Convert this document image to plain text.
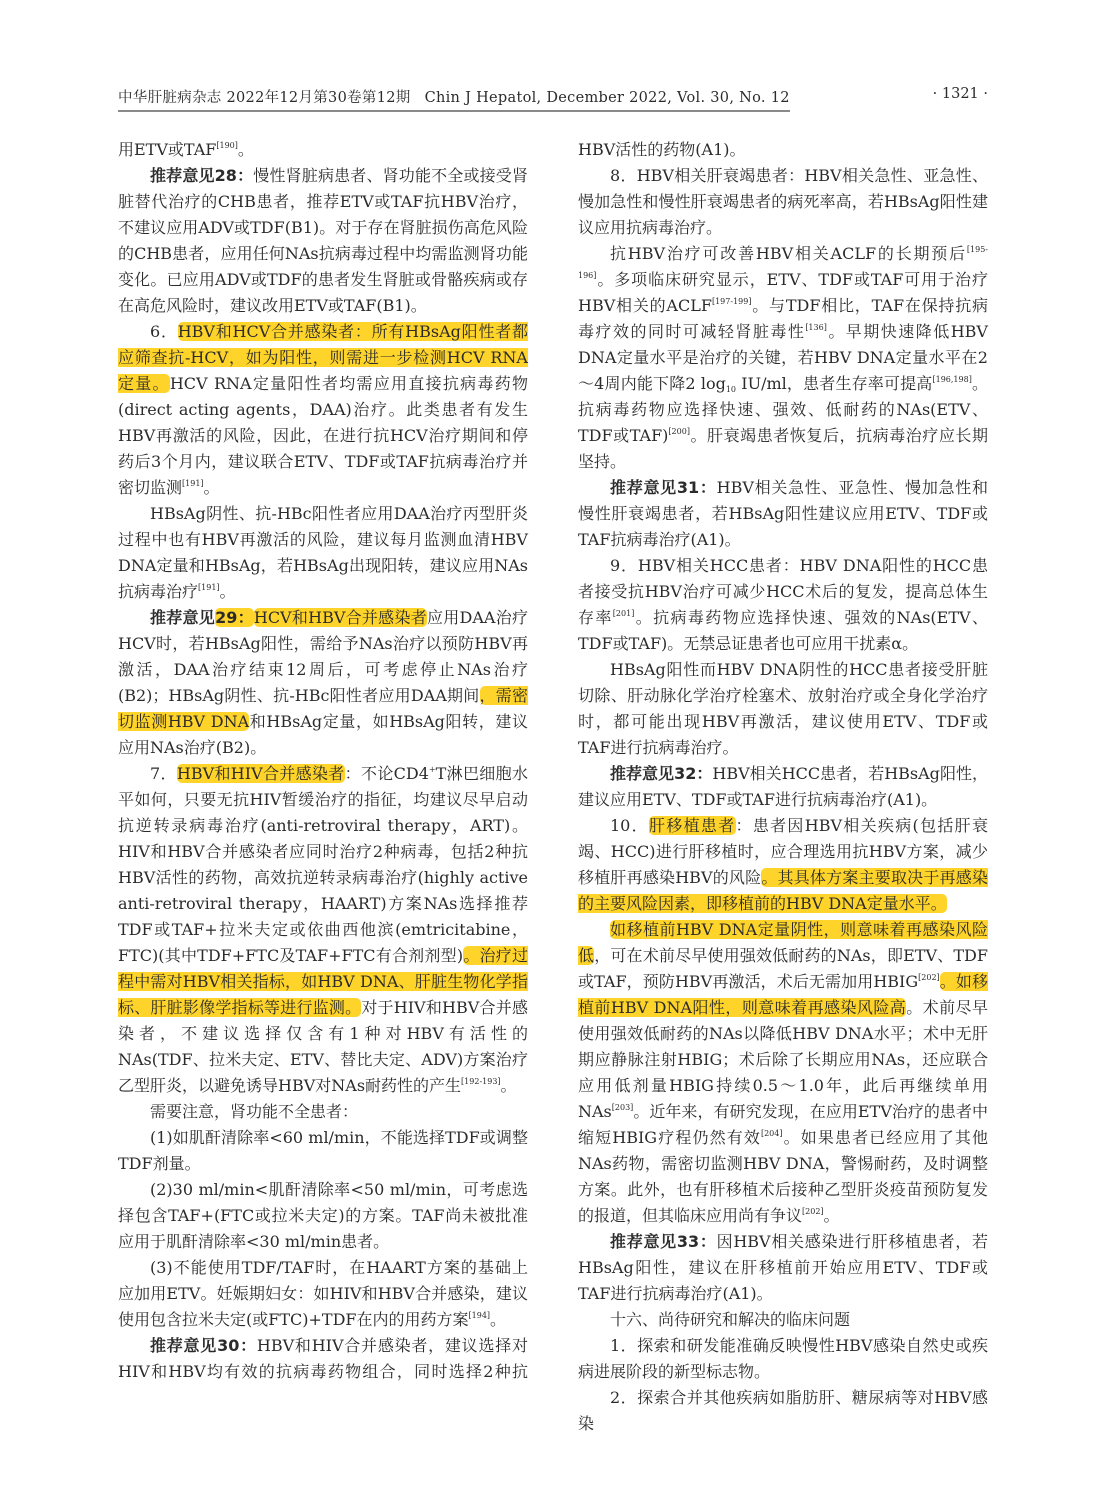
中华肝脏病杂志 2022年12月第30卷第12期 Chin J Hepatol, December 2022, Vol. 30, No. 12	· 1321 ·

用ETV或TAF[190]。

推荐意见28：慢性肾脏病患者、肾功能不全或接受肾脏替代治疗的CHB患者，推荐ETV或TAF抗HBV治疗，不建议应用ADV或TDF(B1)。对于存在肾脏损伤高危风险的CHB患者，应用任何NAs抗病毒过程中均需监测肾功能变化。已应用ADV或TDF的患者发生肾脏或骨骼疾病或存在高危风险时，建议改用ETV或TAF(B1)。

6．HBV和HCV合并感染者：所有HBsAg阳性者都应筛查抗-HCV，如为阳性，则需进一步检测HCV RNA定量。HCV RNA定量阳性者均需应用直接抗病毒药物(direct acting agents，DAA)治疗。此类患者有发生HBV再激活的风险，因此，在进行抗HCV治疗期间和停药后3个月内，建议联合ETV、TDF或TAF抗病毒治疗并密切监测[191]。

HBsAg阴性、抗-HBc阳性者应用DAA治疗丙型肝炎过程中也有HBV再激活的风险，建议每月监测血清HBV DNA定量和HBsAg，若HBsAg出现阳转，建议应用NAs抗病毒治疗[191]。

推荐意见29：HCV和HBV合并感染者应用DAA治疗HCV时，若HBsAg阳性，需给予NAs治疗以预防HBV再激活，DAA治疗结束12周后，可考虑停止NAs治疗(B2)；HBsAg阴性、抗-HBc阳性者应用DAA期间，需密切监测HBV DNA和HBsAg定量，如HBsAg阳转，建议应用NAs治疗(B2)。

7．HBV和HIV合并感染者：不论CD4+T淋巴细胞水平如何，只要无抗HIV暂缓治疗的指征，均建议尽早启动抗逆转录病毒治疗(anti-retroviral therapy，ART)。HIV和HBV合并感染者应同时治疗2种病毒，包括2种抗HBV活性的药物，高效抗逆转录病毒治疗(highly active anti-retroviral therapy，HAART)方案NAs选择推荐TDF或TAF+拉米夫定或依曲西他滨(emtricitabine，FTC)(其中TDF+FTC及TAF+FTC有合剂剂型)。治疗过程中需对HBV相关指标，如HBV DNA、肝脏生物化学指标、肝脏影像学指标等进行监测。对于HIV和HBV合并感染者，不建议选择仅含有1种对HBV有活性的NAs(TDF、拉米夫定、ETV、替比夫定、ADV)方案治疗乙型肝炎，以避免诱导HBV对NAs耐药性的产生[192-193]。

需要注意，肾功能不全患者：

(1)如肌酐清除率<60 ml/min，不能选择TDF或调整TDF剂量。

(2)30 ml/min<肌酐清除率<50 ml/min，可考虑选择包含TAF+(FTC或拉米夫定)的方案。TAF尚未被批准应用于肌酐清除率<30 ml/min患者。

(3)不能使用TDF/TAF时，在HAART方案的基础上应加用ETV。妊娠期妇女：如HIV和HBV合并感染，建议使用包含拉米夫定(或FTC)+TDF在内的用药方案[194]。

推荐意见30：HBV和HIV合并感染者，建议选择对HIV和HBV均有效的抗病毒药物组合，同时选择2种抗

HBV活性的药物(A1)。

8．HBV相关肝衰竭患者：HBV相关急性、亚急性、慢加急性和慢性肝衰竭患者的病死率高，若HBsAg阳性建议应用抗病毒治疗。

抗HBV治疗可改善HBV相关ACLF的长期预后[195-196]。多项临床研究显示，ETV、TDF或TAF可用于治疗HBV相关的ACLF[197-199]。与TDF相比，TAF在保持抗病毒疗效的同时可减轻肾脏毒性[136]。早期快速降低HBV DNA定量水平是治疗的关键，若HBV DNA定量水平在2～4周内能下降2 $\log_{10} IU/ml$，患者生存率可提高[196,198]。抗病毒药物应选择快速、强效、低耐药的NAs(ETV、TDF或TAF)[200]。肝衰竭患者恢复后，抗病毒治疗应长期坚持。

推荐意见31：HBV相关急性、亚急性、慢加急性和慢性肝衰竭患者，若HBsAg阳性建议应用ETV、TDF或TAF抗病毒治疗(A1)。

9．HBV相关HCC患者：HBV DNA阳性的HCC患者接受抗HBV治疗可减少HCC术后的复发，提高总体生存率[201]。抗病毒药物应选择快速、强效的NAs(ETV、TDF或TAF)。无禁忌证患者也可应用干扰素α。

HBsAg阳性而HBV DNA阴性的HCC患者接受肝脏切除、肝动脉化学治疗栓塞术、放射治疗或全身化学治疗时，都可能出现HBV再激活，建议使用ETV、TDF或TAF进行抗病毒治疗。

推荐意见32：HBV相关HCC患者，若HBsAg阳性，建议应用ETV、TDF或TAF进行抗病毒治疗(A1)。

10．肝移植患者：患者因HBV相关疾病(包括肝衰竭、HCC)进行肝移植时，应合理选用抗HBV方案，减少移植肝再感染HBV的风险。其具体方案主要取决于再感染的主要风险因素，即移植前的HBV DNA定量水平。

如移植前HBV DNA定量阴性，则意味着再感染风险低，可在术前尽早使用强效低耐药的NAs，即ETV、TDF或TAF，预防HBV再激活，术后无需加用HBIG[202]。如移植前HBV DNA阳性，则意味着再感染风险高。术前尽早使用强效低耐药的NAs以降低HBV DNA水平；术中无肝期应静脉注射HBIG；术后除了长期应用NAs，还应联合应用低剂量HBIG持续0.5～1.0年，此后再继续单用NAs[203]。近年来，有研究发现，在应用ETV治疗的患者中缩短HBIG疗程仍然有效[204]。如果患者已经应用了其他NAs药物，需密切监测HBV DNA，警惕耐药，及时调整方案。此外，也有肝移植术后接种乙型肝炎疫苗预防复发的报道，但其临床应用尚有争议[202]。

推荐意见33：因HBV相关感染进行肝移植患者，若HBsAg阳性，建议在肝移植前开始应用ETV、TDF或TAF进行抗病毒治疗(A1)。

十六、尚待研究和解决的临床问题

1．探索和研发能准确反映慢性HBV感染自然史或疾病进展阶段的新型标志物。

2．探索合并其他疾病如脂肪肝、糖尿病等对HBV感染
